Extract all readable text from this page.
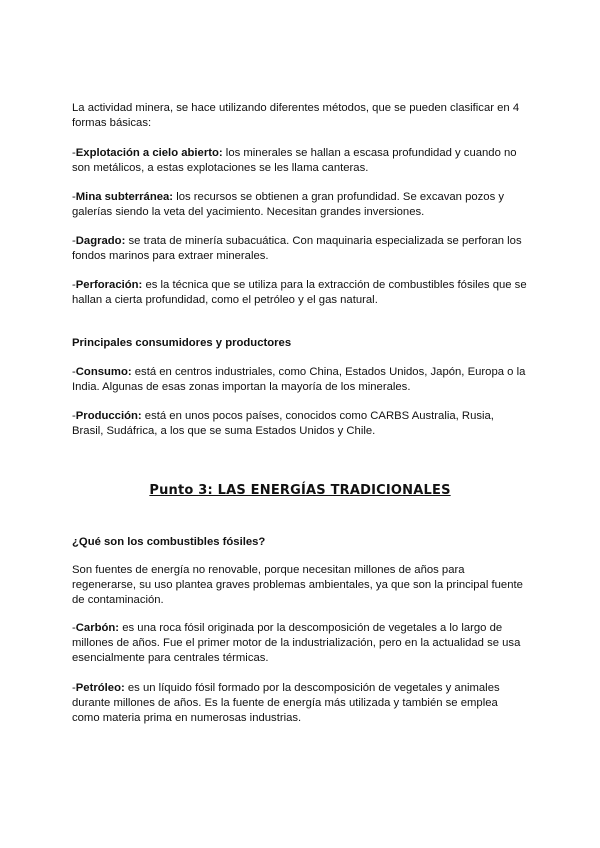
La actividad minera, se hace utilizando diferentes métodos, que se pueden clasificar en 4 formas básicas:
-Explotación a cielo abierto: los minerales se hallan a escasa profundidad y cuando no son metálicos, a estas explotaciones se les llama canteras.
-Mina subterránea: los recursos se obtienen a gran profundidad. Se excavan pozos y galerías siendo la veta del yacimiento. Necesitan grandes inversiones.
-Dagrado: se trata de minería subacuática. Con maquinaria especializada se perforan los fondos marinos para extraer minerales.
-Perforación: es la técnica que se utiliza para la extracción de combustibles fósiles que se hallan a cierta profundidad, como el petróleo y el gas natural.
Principales consumidores y productores
-Consumo: está en centros industriales, como China, Estados Unidos, Japón, Europa o la India. Algunas de esas zonas importan la mayoría de los minerales.
-Producción: está en unos pocos países, conocidos como CARBS Australia, Rusia, Brasil, Sudáfrica, a los que se suma Estados Unidos y Chile.
Punto 3: LAS ENERGÍAS TRADICIONALES
¿Qué son los combustibles fósiles?
Son fuentes de energía no renovable, porque necesitan millones de años para regenerarse, su uso plantea graves problemas ambientales, ya que son la principal fuente de contaminación.
-Carbón: es una roca fósil originada por la descomposición de vegetales a lo largo de millones de años. Fue el primer motor de la industrialización, pero en la actualidad se usa esencialmente para centrales térmicas.
-Petróleo: es un líquido fósil formado por la descomposición de vegetales y animales durante millones de años. Es la fuente de energía más utilizada y también se emplea como materia prima en numerosas industrias.
